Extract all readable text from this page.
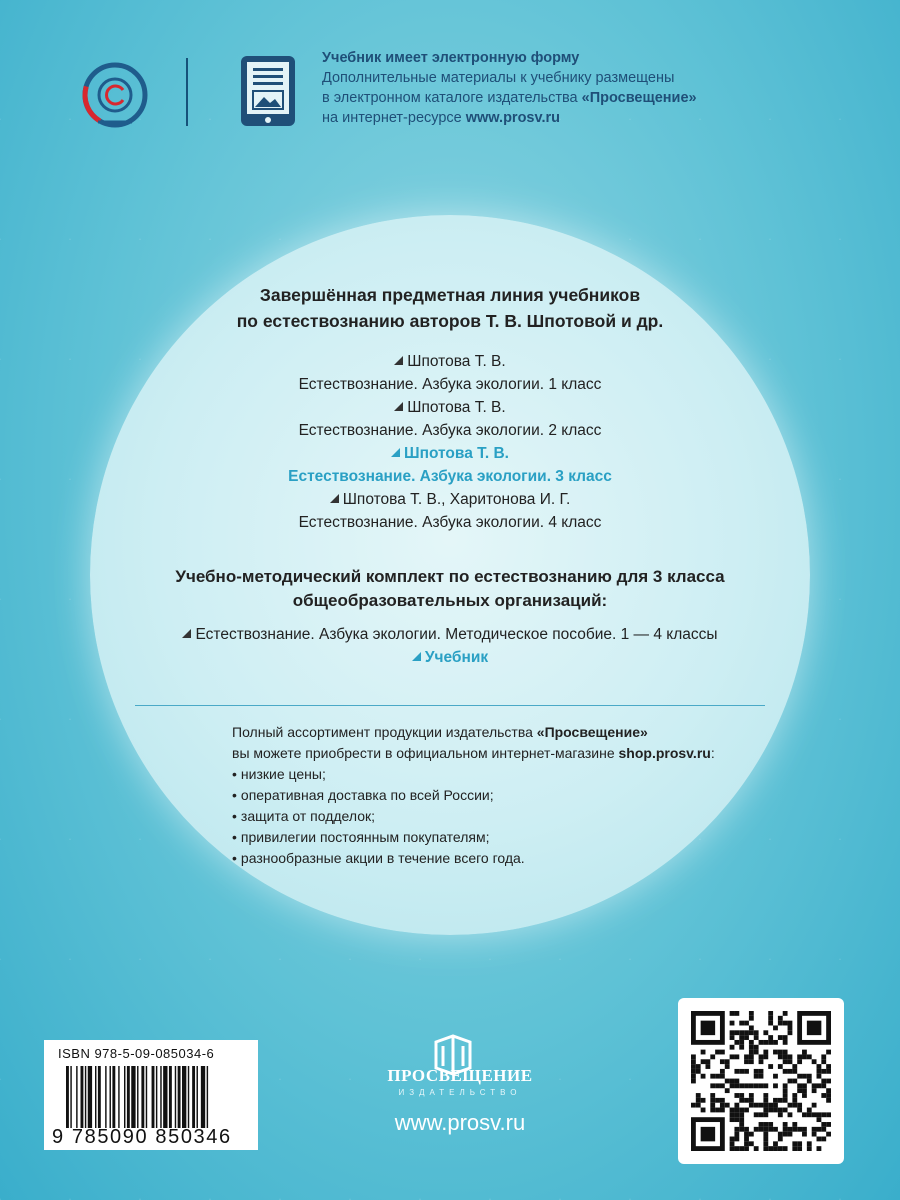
Учебник имеет электронную форму
Дополнительные материалы к учебнику размещены
в электронном каталоге издательства «Просвещение»
на интернет-ресурсе www.prosv.ru
Завершённая предметная линия учебников
по естествознанию авторов Т. В. Шпотовой и др.
Шпотова Т. В.
Естествознание. Азбука экологии. 1 класс
Шпотова Т. В.
Естествознание. Азбука экологии. 2 класс
Шпотова Т. В.
Естествознание. Азбука экологии. 3 класс
Шпотова Т. В., Харитонова И. Г.
Естествознание. Азбука экологии. 4 класс
Учебно-методический комплект по естествознанию для 3 класса
общеобразовательных организаций:
Естествознание. Азбука экологии. Методическое пособие. 1 — 4 классы
Учебник
Полный ассортимент продукции издательства «Просвещение»
вы можете приобрести в официальном интернет-магазине shop.prosv.ru:
• низкие цены;
• оперативная доставка по всей России;
• защита от подделок;
• привилегии постоянным покупателям;
• разнообразные акции в течение всего года.
ISBN 978-5-09-085034-6
9 785090 850346
ПРОСВЕЩЕНИЕ
ИЗДАТЕЛЬСТВО
www.prosv.ru
